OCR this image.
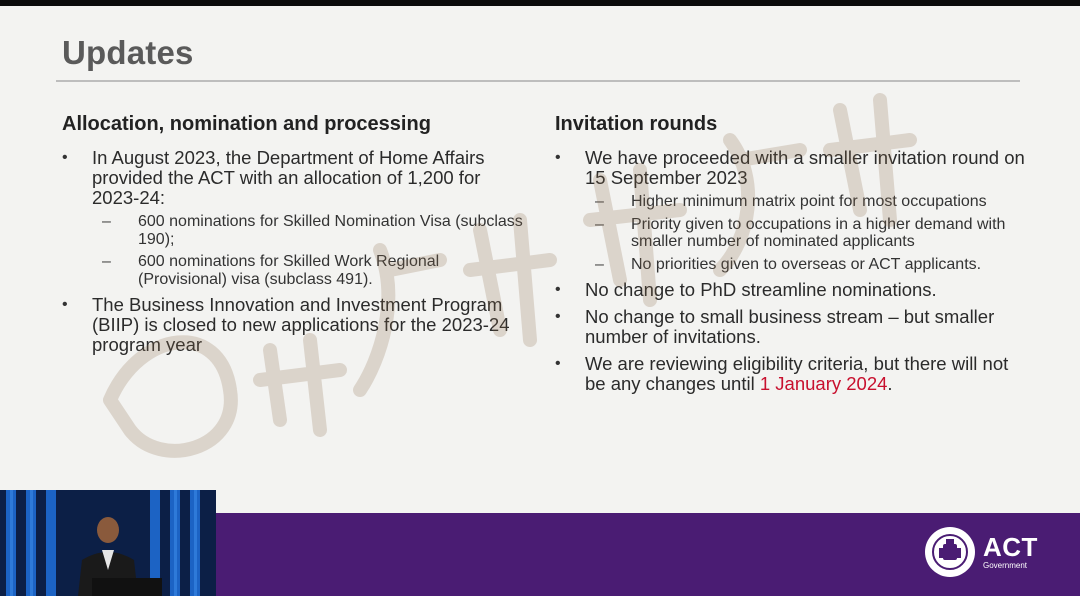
Updates
Allocation, nomination and processing
• In August 2023, the Department of Home Affairs provided the ACT with an allocation of 1,200 for 2023-24:
– 600 nominations for Skilled Nomination Visa (subclass 190);
– 600 nominations for Skilled Work Regional (Provisional) visa (subclass 491).
• The Business Innovation and Investment Program (BIIP) is closed to new applications for the 2023-24 program year
Invitation rounds
• We have proceeded with a smaller invitation round on 15 September 2023
– Higher minimum matrix point for most occupations
– Priority given to occupations in a higher demand with smaller number of nominated applicants
– No priorities given to overseas or ACT applicants.
• No change to PhD streamline nominations.
• No change to small business stream – but smaller number of invitations.
• We are reviewing eligibility criteria, but there will not be any changes until 1 January 2024.
ACT
Government
